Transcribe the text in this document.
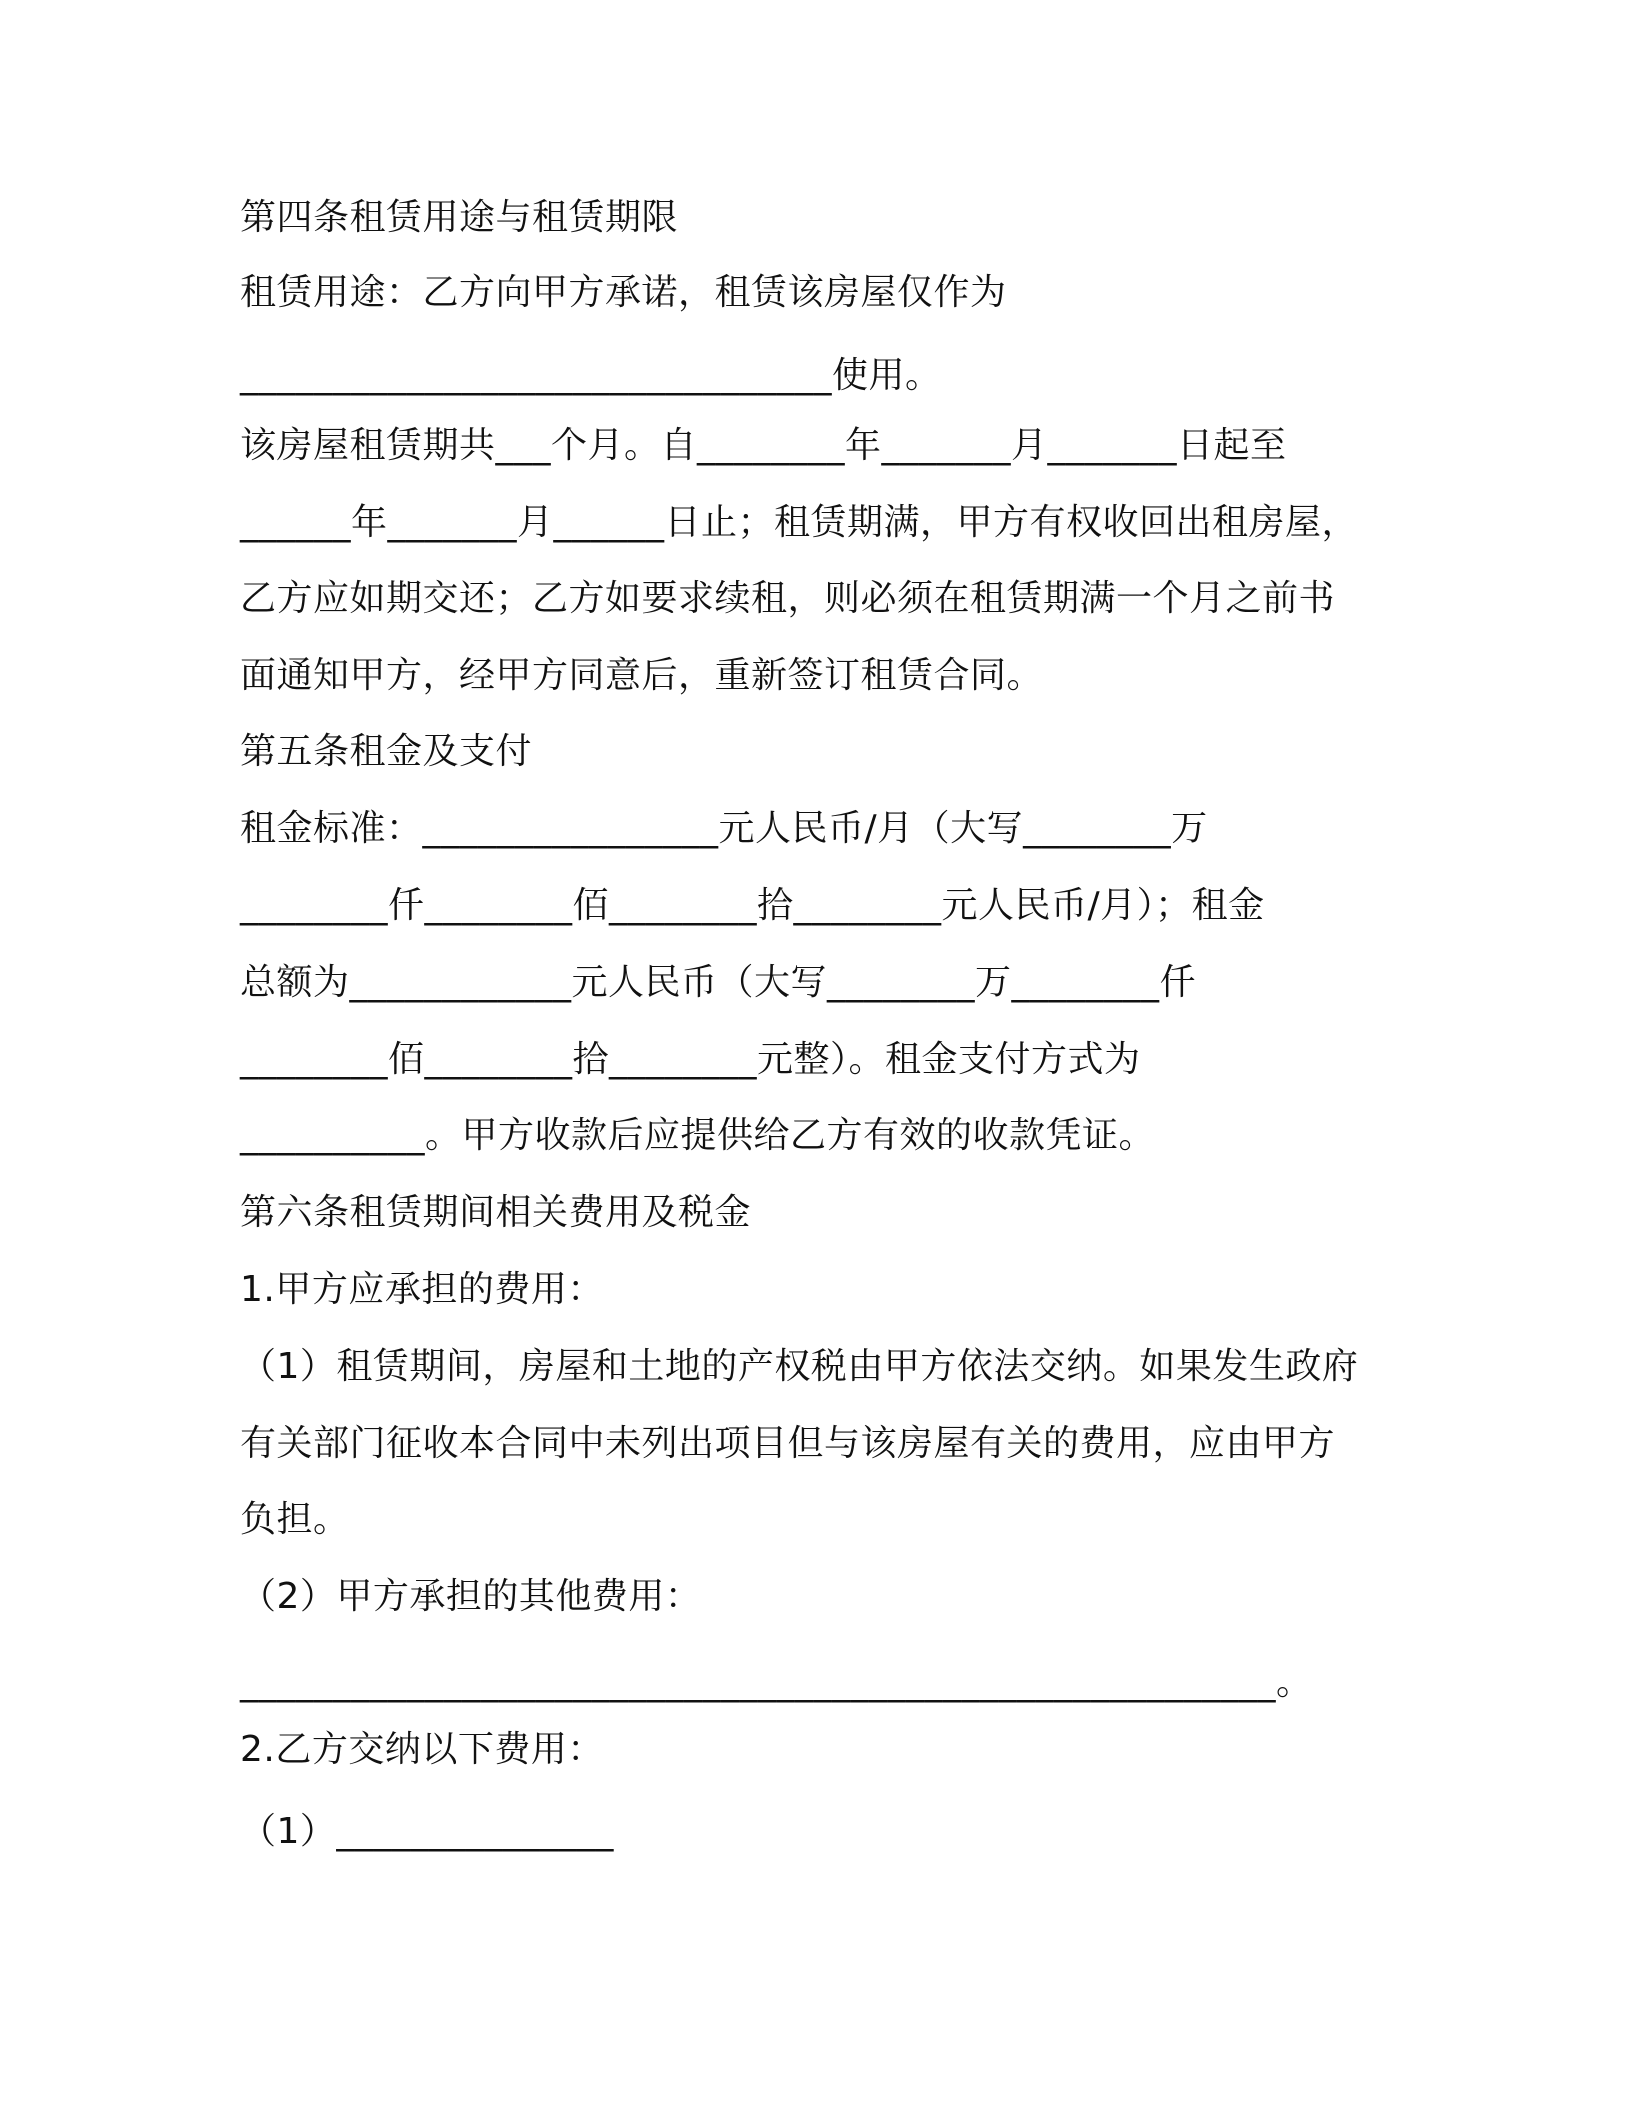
第四条租赁用途与租赁期限
租赁用途：乙方向甲方承诺，租赁该房屋仅作为
________________________________使用。
该房屋租赁期共___个月。自________年_______月_______日起至
______年_______月______日止；租赁期满，甲方有权收回出租房屋，
乙方应如期交还；乙方如要求续租，则必须在租赁期满一个月之前书
面通知甲方，经甲方同意后，重新签订租赁合同。
第五条租金及支付
租金标准：________________元人民币/月（大写________万
________仟________佰________拾________元人民币/月）；租金
总额为____________元人民币（大写________万________仟
________佰________拾________元整）。租金支付方式为
__________。甲方收款后应提供给乙方有效的收款凭证。
第六条租赁期间相关费用及税金
1.甲方应承担的费用：
（1）租赁期间，房屋和土地的产权税由甲方依法交纳。如果发生政府
有关部门征收本合同中未列出项目但与该房屋有关的费用，应由甲方
负担。
（2）甲方承担的其他费用：
________________________________________________________。
2.乙方交纳以下费用：
（1）_______________
